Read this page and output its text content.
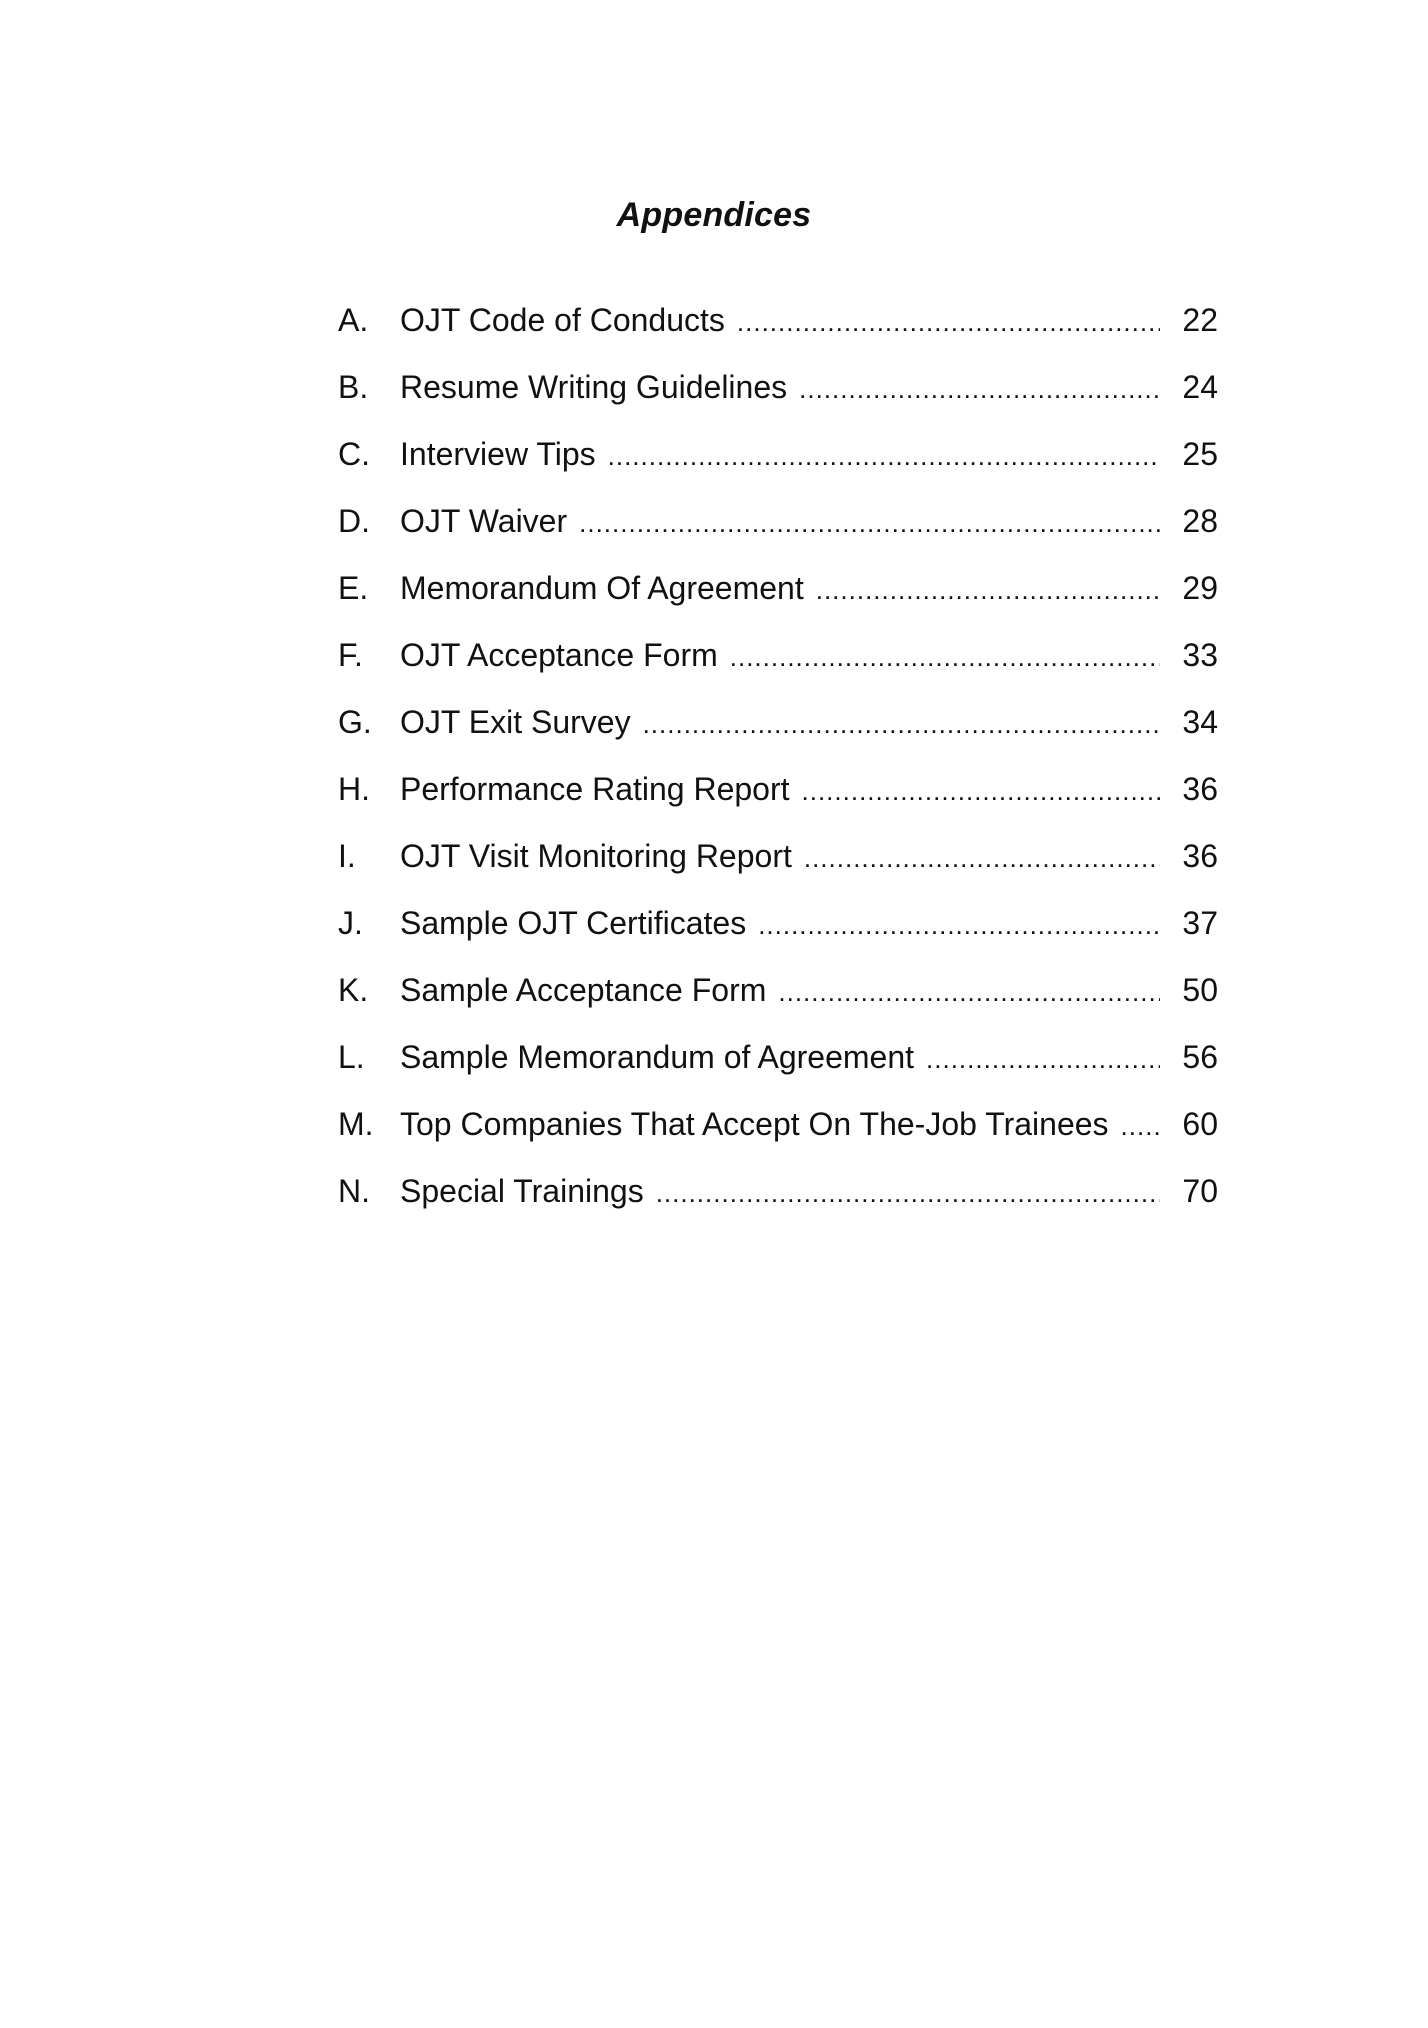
Appendices
A. OJT Code of Conducts .....	22
B. Resume Writing Guidelines .....	24
C. Interview Tips .....	25
D. OJT Waiver .....	28
E. Memorandum Of Agreement .....	29
F.	OJT Acceptance Form .....	33
G. OJT Exit Survey .....	34
H. Performance Rating Report .....	36
I.	OJT Visit Monitoring Report .....	36
J.	Sample OJT Certificates .....	37
K. Sample Acceptance Form .....	50
L.	Sample Memorandum of Agreement .....	56
M. Top Companies That Accept On The-Job Trainees .....	60
N. Special Trainings .....	70
